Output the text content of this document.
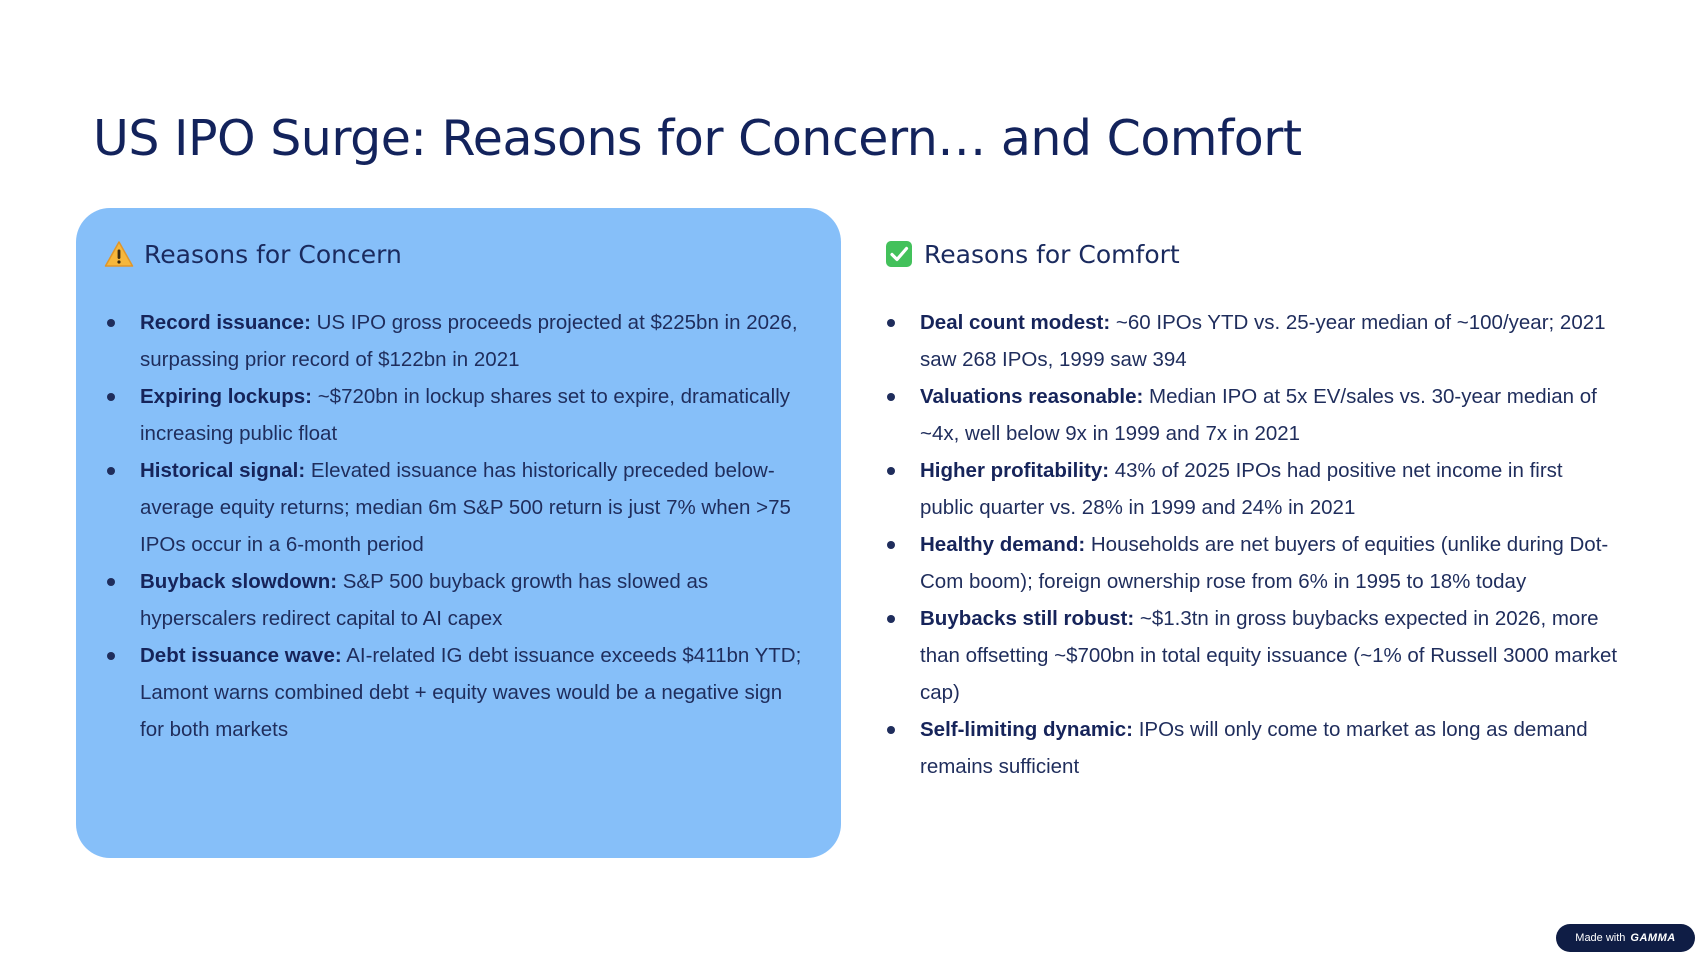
US IPO Surge: Reasons for Concern… and Comfort
Reasons for Concern
Record issuance: US IPO gross proceeds projected at $225bn in 2026, surpassing prior record of $122bn in 2021
Expiring lockups: ~$720bn in lockup shares set to expire, dramatically increasing public float
Historical signal: Elevated issuance has historically preceded below-average equity returns; median 6m S&P 500 return is just 7% when >75 IPOs occur in a 6-month period
Buyback slowdown: S&P 500 buyback growth has slowed as hyperscalers redirect capital to AI capex
Debt issuance wave: AI-related IG debt issuance exceeds $411bn YTD; Lamont warns combined debt + equity waves would be a negative sign for both markets
Reasons for Comfort
Deal count modest: ~60 IPOs YTD vs. 25-year median of ~100/year; 2021 saw 268 IPOs, 1999 saw 394
Valuations reasonable: Median IPO at 5x EV/sales vs. 30-year median of ~4x, well below 9x in 1999 and 7x in 2021
Higher profitability: 43% of 2025 IPOs had positive net income in first public quarter vs. 28% in 1999 and 24% in 2021
Healthy demand: Households are net buyers of equities (unlike during Dot-Com boom); foreign ownership rose from 6% in 1995 to 18% today
Buybacks still robust: ~$1.3tn in gross buybacks expected in 2026, more than offsetting ~$700bn in total equity issuance (~1% of Russell 3000 market cap)
Self-limiting dynamic: IPOs will only come to market as long as demand remains sufficient
Made with GAMMA
